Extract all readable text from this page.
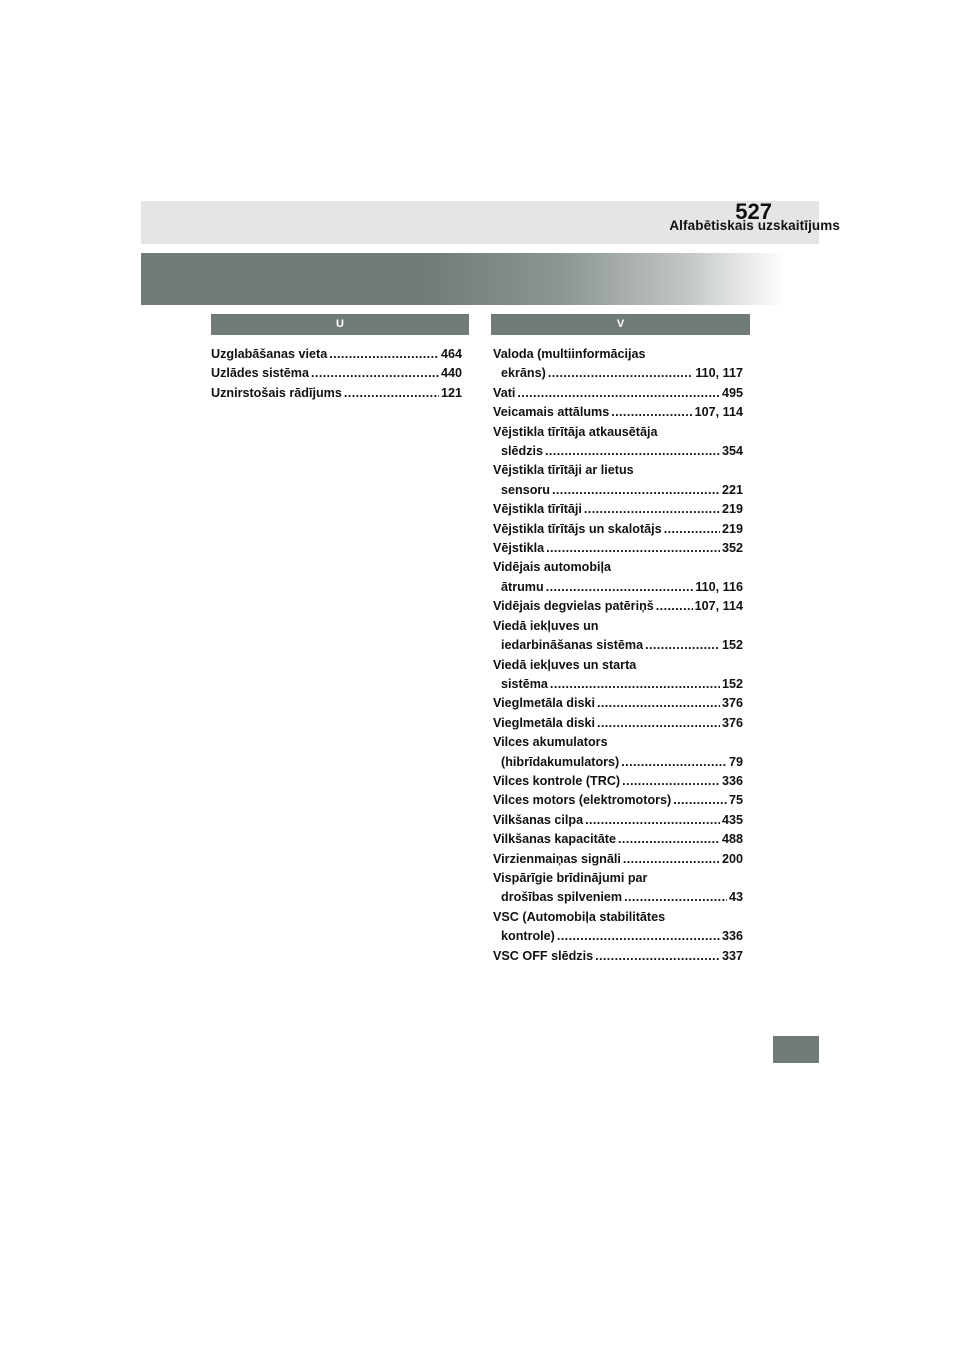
527
Alfabētiskais uzskaitījums
U	V
Uzglabāšanas vieta .....	464
Uzlādes sistēma .....	440
Uznirstošais rādījums .....	121
Valoda (multiinformācijas
ekrāns) .....	110, 117
Vati .....	495
Veicamais attālums .....	107, 114
Vējstikla tīrītāja atkausētāja
slēdzis .....	354
Vējstikla tīrītāji ar lietus
sensoru .....	221
Vējstikla tīrītāji .....	219
Vējstikla tīrītājs un skalotājs .....	219
Vējstikla .....	352
Vidējais automobiļa
ātrumu .....	110, 116
Vidējais degvielas patēriņš .....	107, 114
Viedā iekļuves un
iedarbināšanas sistēma .....	152
Viedā iekļuves un starta
sistēma .....	152
Vieglmetāla diski .....	376
Vieglmetāla diski .....	376
Vilces akumulators
(hibrīdakumulators) .....	79
Vilces kontrole (TRC) .....	336
Vilces motors (elektromotors) .....	75
Vilkšanas cilpa .....	435
Vilkšanas kapacitāte .....	488
Virzienmaiņas signāli .....	200
Vispārīgie brīdinājumi par
drošības spilveniem .....	43
VSC (Automobiļa stabilitātes
kontrole) .....	336
VSC OFF slēdzis .....	337
